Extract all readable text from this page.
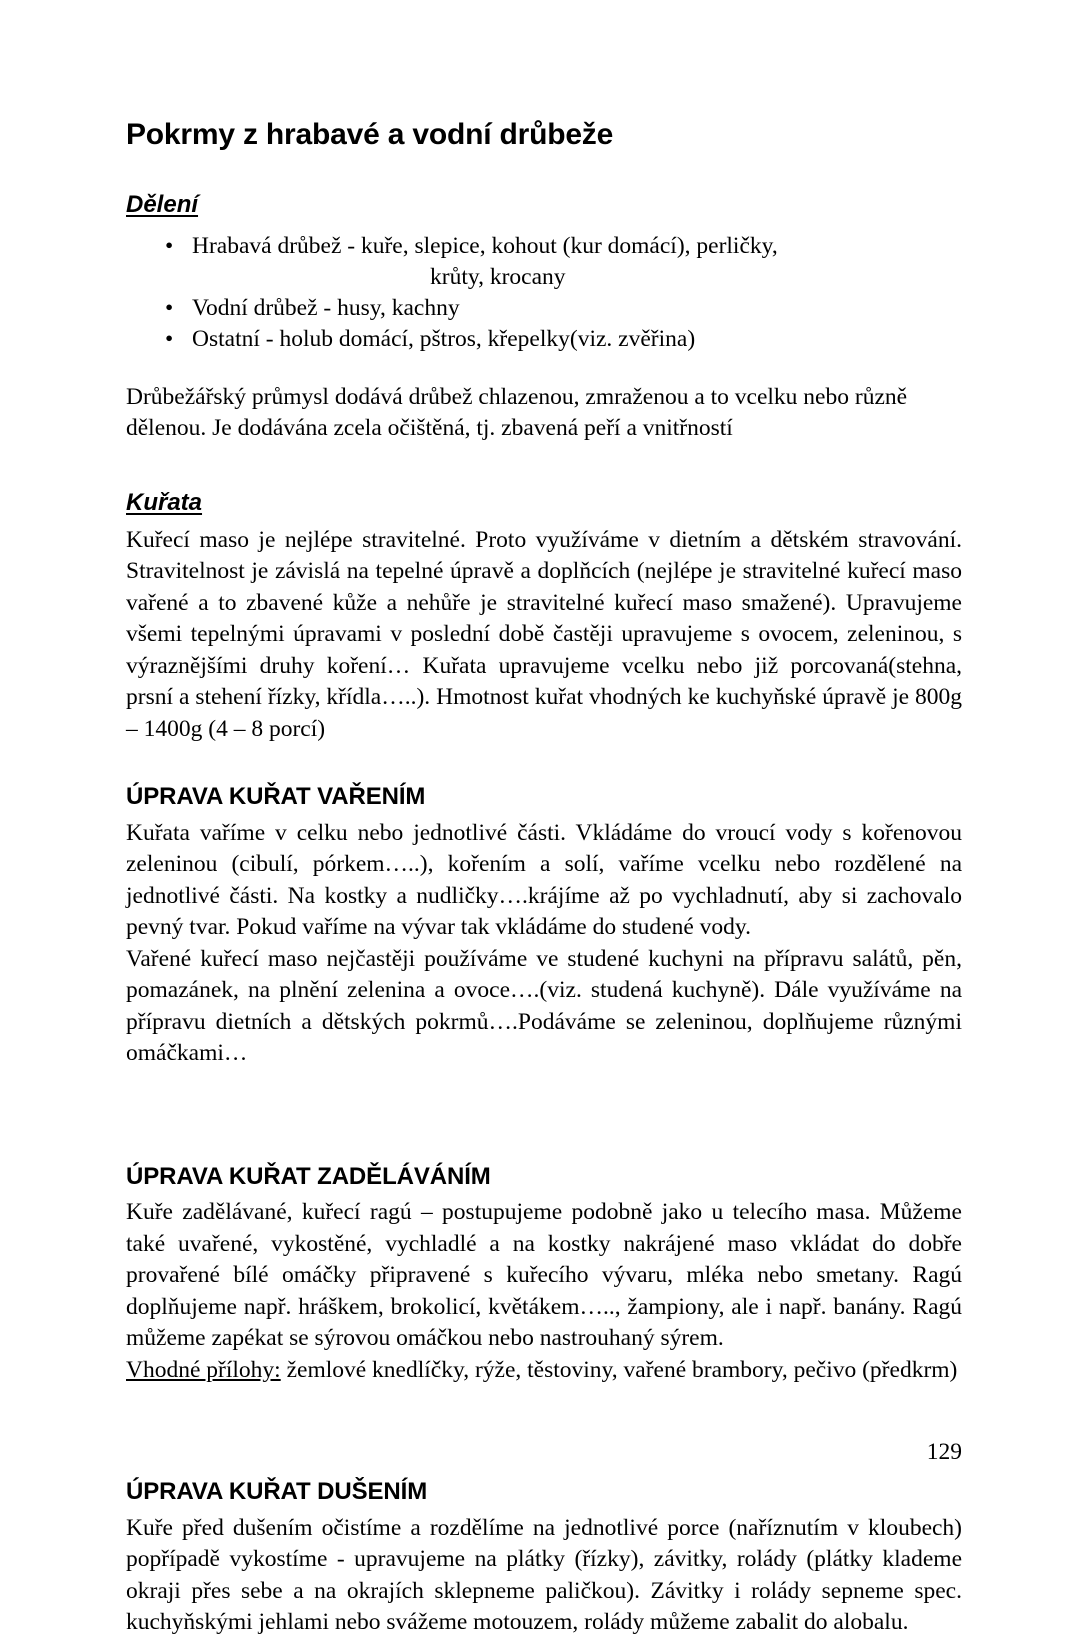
Pokrmy z hrabavé a vodní drůbeže
Dělení
• Hrabavá drůbež - kuře, slepice, kohout (kur domácí), perličky,
krůty, krocany
• Vodní drůbež - husy, kachny
• Ostatní - holub domácí, pštros, křepelky(viz. zvěřina)

Drůbežářský průmysl dodává drůbež chlazenou, zmraženou a to vcelku nebo různě dělenou. Je dodávána zcela očištěná, tj. zbavená peří a vnitřností

Kuřata

Kuřecí maso je nejlépe stravitelné. Proto využíváme v dietním a dětském stravování. Stravitelnost je závislá na tepelné úpravě a doplňcích (nejlépe je stravitelné kuřecí maso vařené a to zbavené kůže a nehůře je stravitelné kuřecí maso smažené). Upravujeme všemi tepelnými úpravami v poslední době častěji upravujeme s ovocem, zeleninou, s výraznějšími druhy koření… Kuřata upravujeme vcelku nebo již porcovaná(stehna, prsní a stehení řízky, křídla…..). Hmotnost kuřat vhodných ke kuchyňské úpravě je 800g – 1400g (4 – 8 porcí)

ÚPRAVA KUŘAT VAŘENÍM

Kuřata vaříme v celku nebo jednotlivé části. Vkládáme do vroucí vody s kořenovou zeleninou (cibulí, pórkem…..), kořením a solí, vaříme vcelku nebo rozdělené na jednotlivé části. Na kostky a nudličky….krájíme až po vychladnutí, aby si zachovalo pevný tvar. Pokud vaříme na vývar tak vkládáme do studené vody.

Vařené kuřecí maso nejčastěji používáme ve studené kuchyni na přípravu salátů, pěn, pomazánek, na plnění zelenina a ovoce….(viz. studená kuchyně). Dále využíváme na přípravu dietních a dětských pokrmů….Podáváme se zeleninou, doplňujeme různými omáčkami…

ÚPRAVA KUŘAT ZADĚLÁVÁNÍM

Kuře zadělávané, kuřecí ragú – postupujeme podobně jako u telecího masa. Můžeme také uvařené, vykostěné, vychladlé a na kostky nakrájené maso vkládat do dobře provařené bílé omáčky připravené s kuřecího vývaru, mléka nebo smetany. Ragú doplňujeme např. hráškem, brokolicí, květákem….., žampiony, ale i např. banány. Ragú můžeme zapékat se sýrovou omáčkou nebo nastrouhaný sýrem.

Vhodné přílohy: žemlové knedlíčky, rýže, těstoviny, vařené brambory, pečivo (předkrm)

ÚPRAVA KUŘAT DUŠENÍM

Kuře před dušením očistíme a rozdělíme na jednotlivé porce (naříznutím v kloubech) popřípadě vykostíme - upravujeme na plátky (řízky), závitky, rolády (plátky klademe okraji přes sebe a na okrajích sklepneme paličkou). Závitky i rolády sepneme spec. kuchyňskými jehlami nebo svážeme motouzem, rolády můžeme zabalit do alobalu.

129
